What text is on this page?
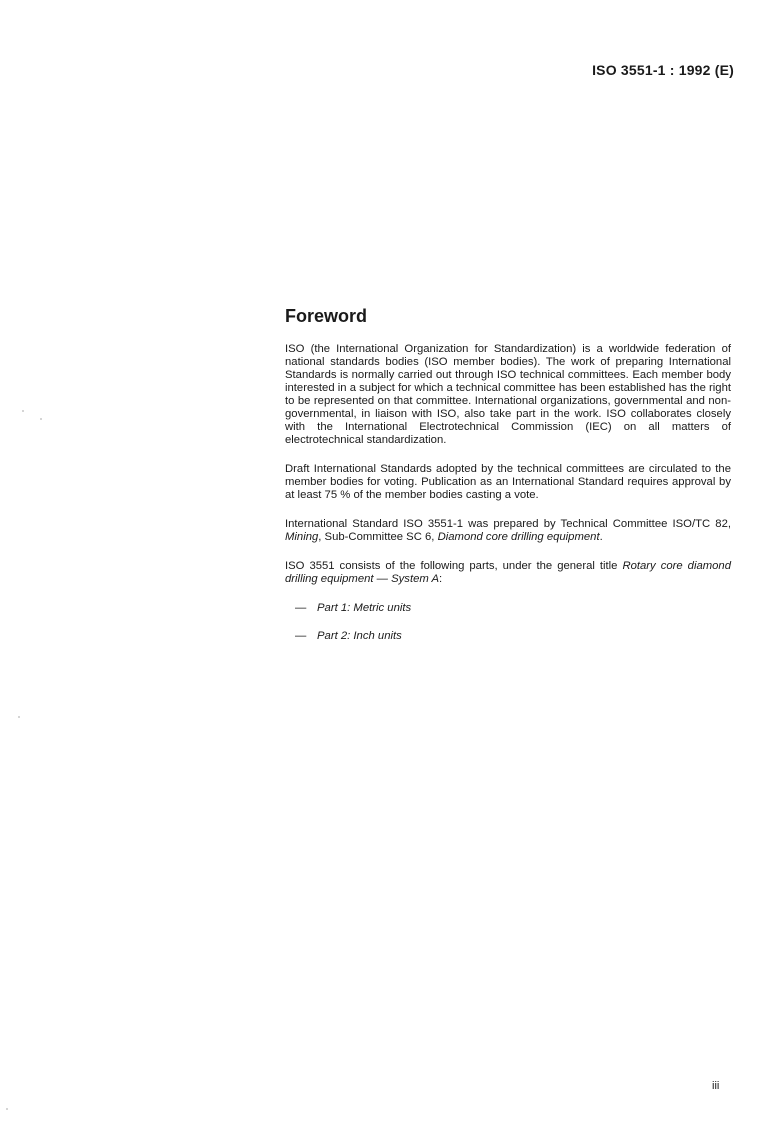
ISO 3551-1 : 1992 (E)
Foreword

ISO (the International Organization for Standardization) is a worldwide federation of national standards bodies (ISO member bodies). The work of preparing International Standards is normally carried out through ISO technical committees. Each member body interested in a subject for which a technical committee has been established has the right to be represented on that committee. International organizations, governmental and non-governmental, in liaison with ISO, also take part in the work. ISO collaborates closely with the International Electrotechnical Commission (IEC) on all matters of electrotechnical standardization.

Draft International Standards adopted by the technical committees are circulated to the member bodies for voting. Publication as an International Standard requires approval by at least 75 % of the member bodies casting a vote.

International Standard ISO 3551-1 was prepared by Technical Committee ISO/TC 82, Mining, Sub-Committee SC 6, Diamond core drilling equipment.

ISO 3551 consists of the following parts, under the general title Rotary core diamond drilling equipment — System A:

— Part 1: Metric units
— Part 2: Inch units
iii
